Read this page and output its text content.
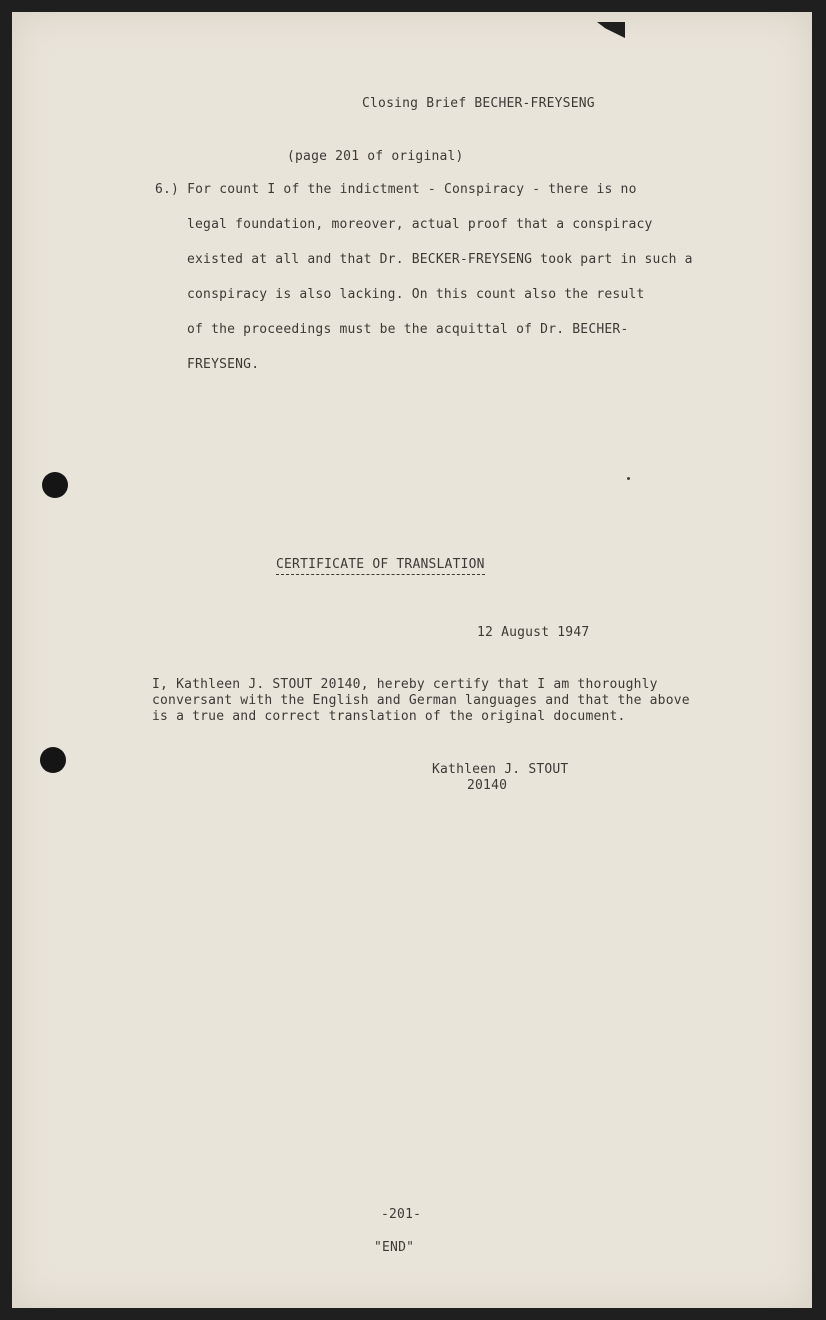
Closing Brief BECHER-FREYSENG
(page 201 of original)
6.) For count I of the indictment - Conspiracy - there is no
legal foundation, moreover, actual proof that a conspiracy
existed at all and that Dr. BECKER-FREYSENG took part in such a
conspiracy is also lacking. On this count also the result
of the proceedings must be the acquittal of Dr. BECHER-
FREYSENG.
CERTIFICATE OF TRANSLATION
12 August 1947
I, Kathleen J. STOUT 20140, hereby certify that I am thoroughly
conversant with the English and German languages and that the above
is a true and correct translation of the original document.
Kathleen J. STOUT
20140
-201-
"END"
